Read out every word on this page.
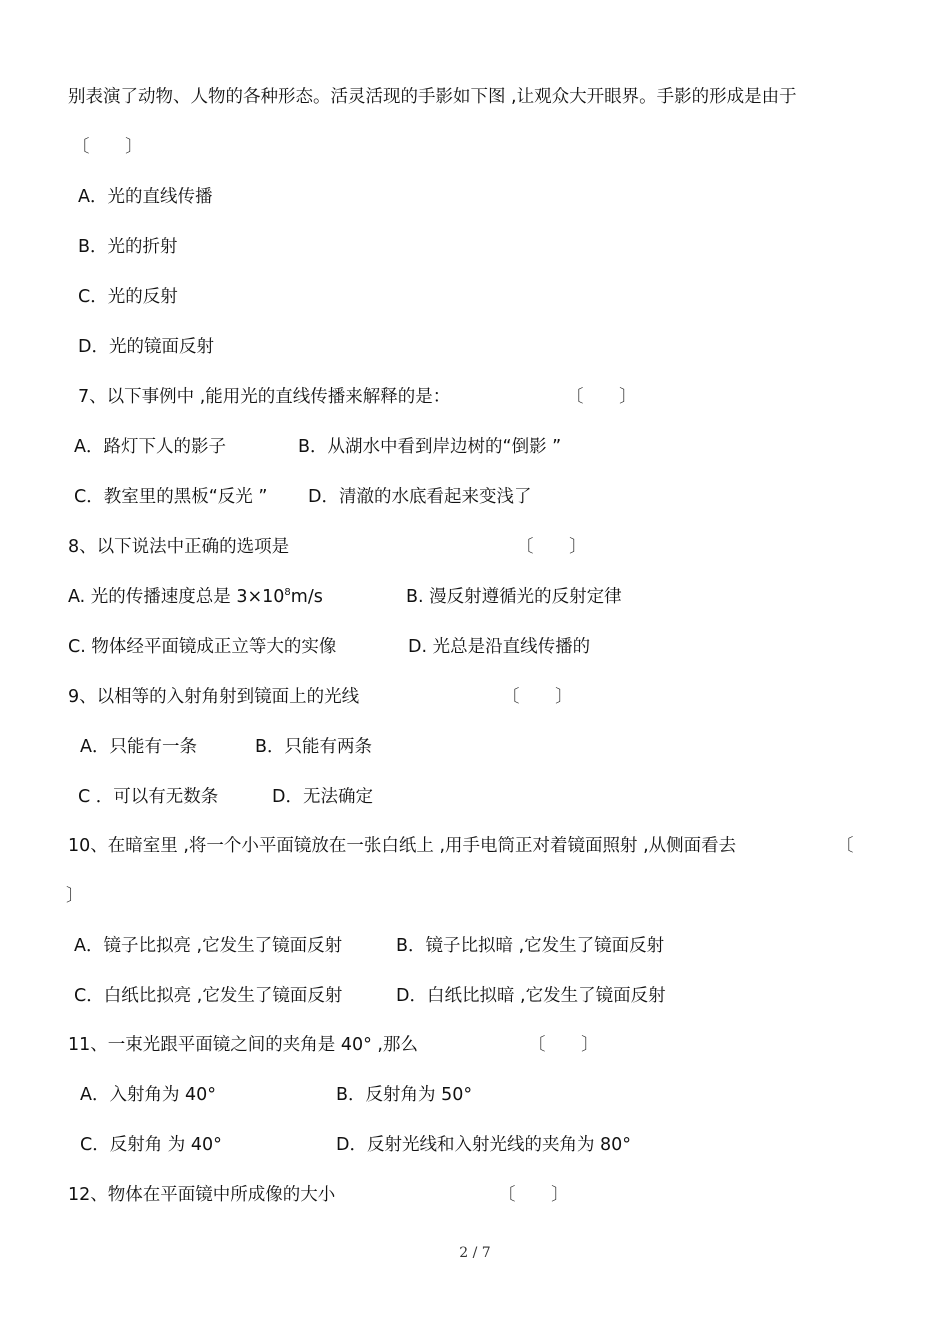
别表演了动物、人物的各种形态。活灵活现的手影如下图 ,让观众大开眼界。手影的形成是由于
〔 〕
A．光的直线传播
B．光的折射
C．光的反射
D．光的镜面反射
7、以下事例中 ,能用光的直线传播来解释的是：	〔 〕
A．路灯下人的影子	B．从湖水中看到岸边树的“倒影 ”
C．教室里的黑板“反光 ” D．清澈的水底看起来变浅了
8、以下说法中正确的选项是	〔 〕
A. 光的传播速度总是 $3\times 10^8m/s$	B. 漫反射遵循光的反射定律
C. 物体经平面镜成正立等大的实像	D. 光总是沿直线传播的
9、以相等的入射角射到镜面上的光线	〔 〕
A．只能有一条	B．只能有两条
C ．可以有无数条	D．无法确定
10、在暗室里 ,将一个小平面镜放在一张白纸上 ,用手电筒正对着镜面照射 ,从侧面看去	〔
〕
A．镜子比拟亮 ,它发生了镜面反射	B．镜子比拟暗 ,它发生了镜面反射
C．白纸比拟亮 ,它发生了镜面反射	D．白纸比拟暗 ,它发生了镜面反射
11、一束光跟平面镜之间的夹角是 40° ,那么	〔 〕
A．入射角为 40°	B．反射角为 50°
C．反射角 为 40°	D．反射光线和入射光线的夹角为 80°
12、物体在平面镜中所成像的大小	〔 〕
2 / 7
